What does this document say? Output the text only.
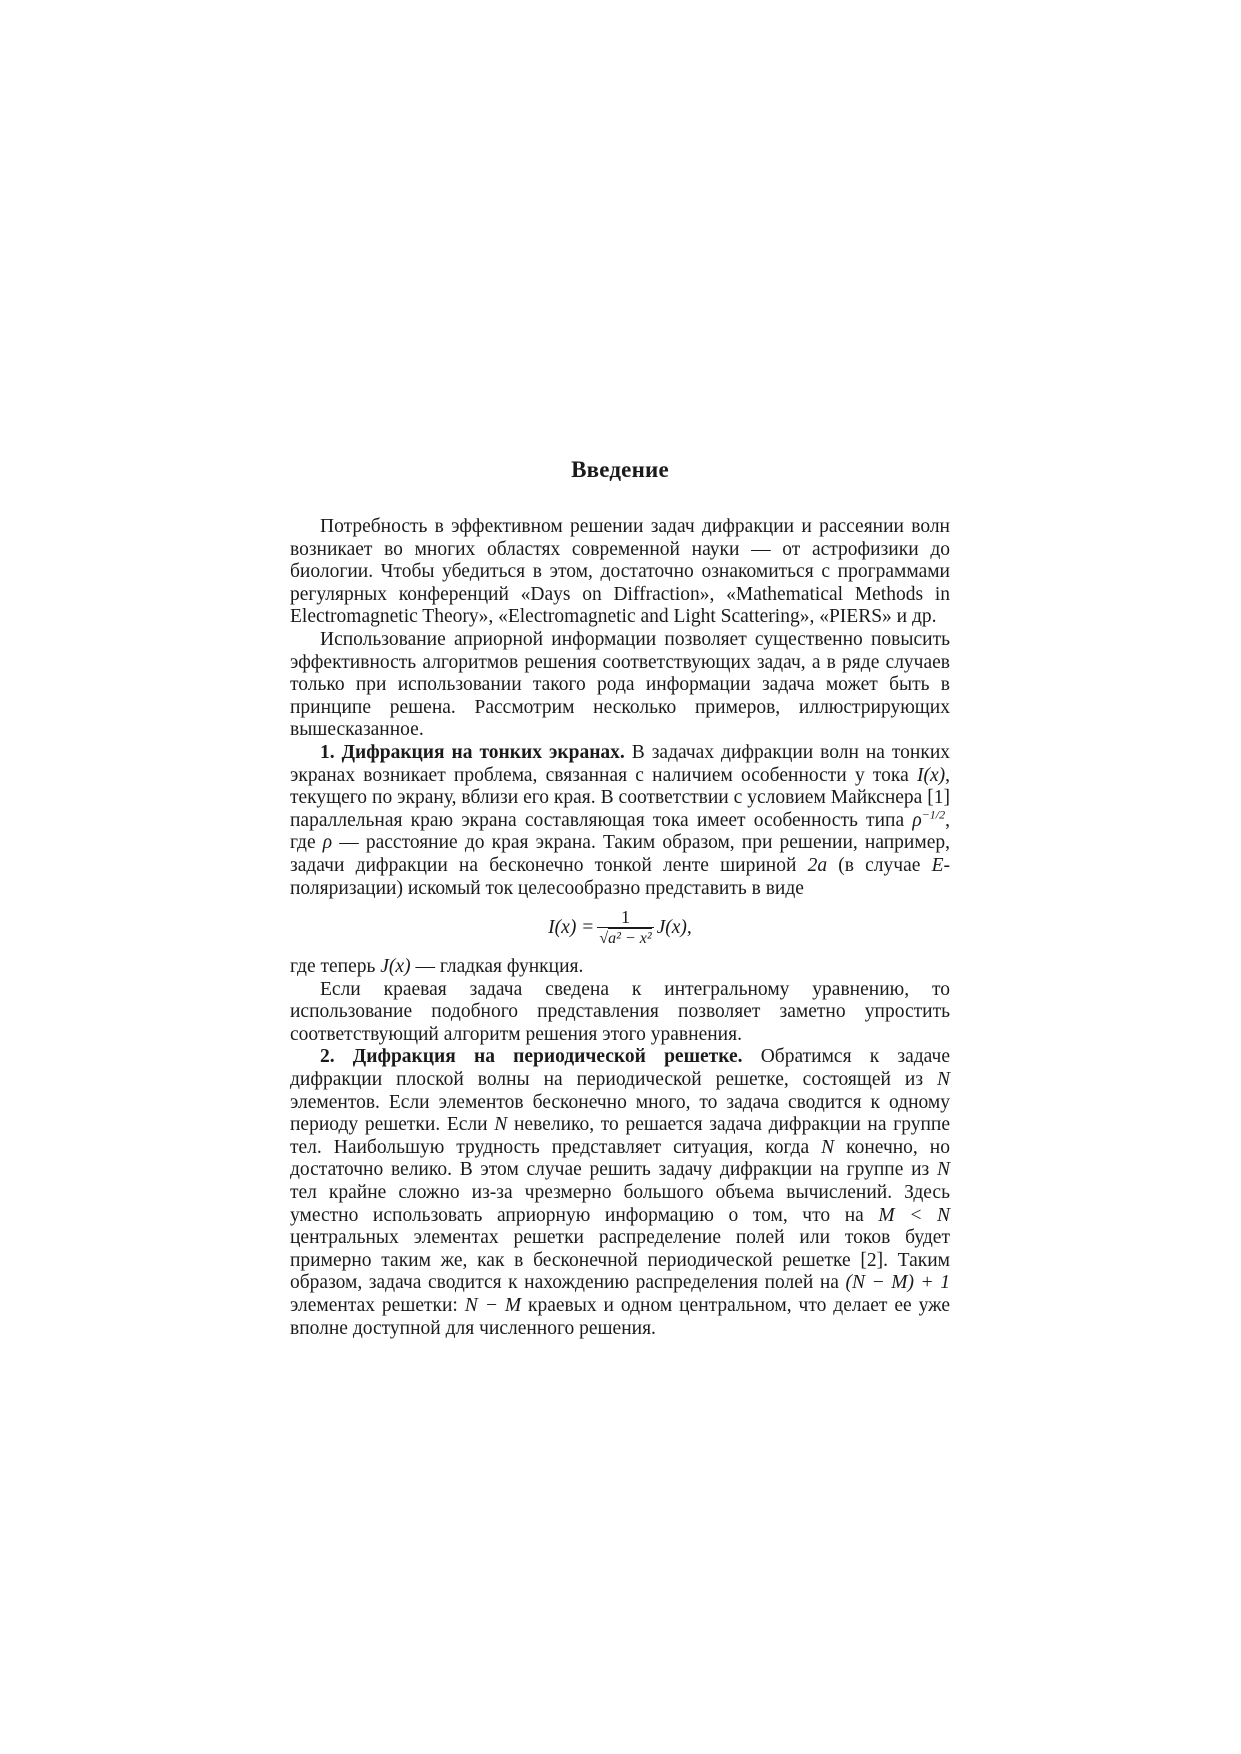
Введение

Потребность в эффективном решении задач дифракции и рассеянии волн возникает во многих областях современной науки — от астрофизики до биологии. Чтобы убедиться в этом, достаточно ознакомиться с программами регулярных конференций «Days on Diffraction», «Mathematical Methods in Electromagnetic Theory», «Electromagnetic and Light Scattering», «PIERS» и др.

Использование априорной информации позволяет существенно повысить эффективность алгоритмов решения соответствующих задач, а в ряде случаев только при использовании такого рода информации задача может быть в принципе решена. Рассмотрим несколько примеров, иллюстрирующих вышесказанное.

1. Дифракция на тонких экранах. В задачах дифракции волн на тонких экранах возникает проблема, связанная с наличием особенности у тока I(x), текущего по экрану, вблизи его края. В соответствии с условием Майкснера [1] параллельная краю экрана составляющая тока имеет особенность типа $\rho^{-1/2}$, где ρ — расстояние до края экрана. Таким образом, при решении, например, задачи дифракции на бесконечно тонкой ленте шириной 2a (в случае E-поляризации) искомый ток целесообразно представить в виде

$I(x) = \frac{1}{\text{√a² − x²}} J(x)$,

где теперь J(x) — гладкая функция.

Если краевая задача сведена к интегральному уравнению, то использование подобного представления позволяет заметно упростить соответствующий алгоритм решения этого уравнения.

2. Дифракция на периодической решетке. Обратимся к задаче дифракции плоской волны на периодической решетке, состоящей из N элементов. Если элементов бесконечно много, то задача сводится к одному периоду решетки. Если N невелико, то решается задача дифракции на группе тел. Наибольшую трудность представляет ситуация, когда N конечно, но достаточно велико. В этом случае решить задачу дифракции на группе из N тел крайне сложно из-за чрезмерно большого объема вычислений. Здесь уместно использовать априорную информацию о том, что на M < N центральных элементах решетки распределение полей или токов будет примерно таким же, как в бесконечной периодической решетке [2]. Таким образом, задача сводится к нахождению распределения полей на (N − M) + 1 элементах решетки: N − M краевых и одном центральном, что делает ее уже вполне доступной для численного решения.
